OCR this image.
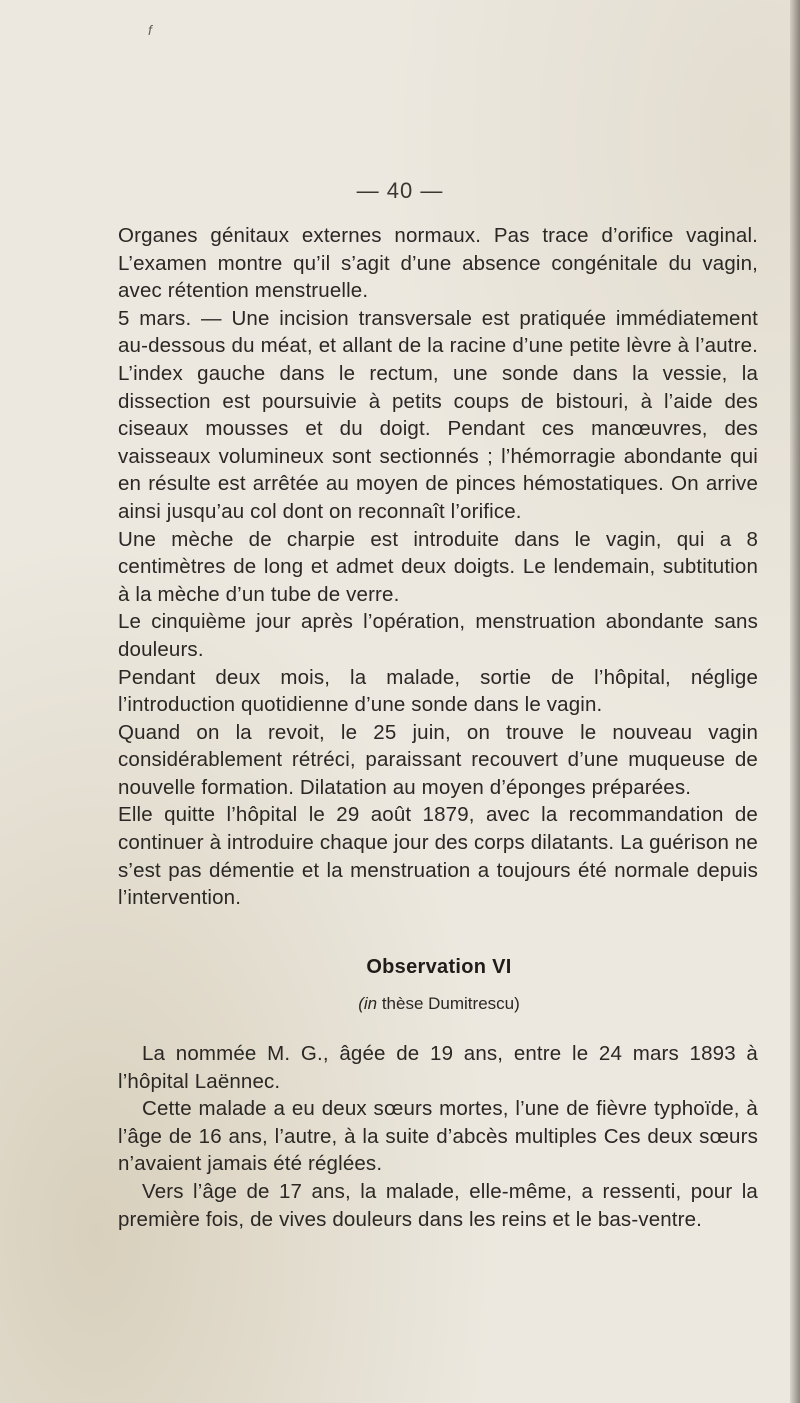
f
— 40 —

Organes génitaux externes normaux. Pas trace d’orifice vaginal. L’examen montre qu’il s’agit d’une absence congénitale du vagin, avec rétention menstruelle.

5 mars. — Une incision transversale est pratiquée immédiatement au-dessous du méat, et allant de la racine d’une petite lèvre à l’autre. L’index gauche dans le rectum, une sonde dans la vessie, la dissection est poursuivie à petits coups de bistouri, à l’aide des ciseaux mousses et du doigt. Pendant ces manœuvres, des vaisseaux volumineux sont sectionnés ; l’hémorragie abondante qui en résulte est arrêtée au moyen de pinces hémostatiques. On arrive ainsi jusqu’au col dont on reconnaît l’orifice.

Une mèche de charpie est introduite dans le vagin, qui a 8 centimètres de long et admet deux doigts. Le lendemain, subtitution à la mèche d’un tube de verre.

Le cinquième jour après l’opération, menstruation abondante sans douleurs.

Pendant deux mois, la malade, sortie de l’hôpital, néglige l’introduction quotidienne d’une sonde dans le vagin.

Quand on la revoit, le 25 juin, on trouve le nouveau vagin considérablement rétréci, paraissant recouvert d’une muqueuse de nouvelle formation. Dilatation au moyen d’éponges préparées.

Elle quitte l’hôpital le 29 août 1879, avec la recommandation de continuer à introduire chaque jour des corps dilatants. La guérison ne s’est pas démentie et la menstruation a toujours été normale depuis l’intervention.

Observation VI
(in thèse Dumitrescu)

La nommée M. G., âgée de 19 ans, entre le 24 mars 1893 à l’hôpital Laënnec.

Cette malade a eu deux sœurs mortes, l’une de fièvre typhoïde, à l’âge de 16 ans, l’autre, à la suite d’abcès multiples Ces deux sœurs n’avaient jamais été réglées.

Vers l’âge de 17 ans, la malade, elle-même, a ressenti, pour la première fois, de vives douleurs dans les reins et le bas-ventre.
